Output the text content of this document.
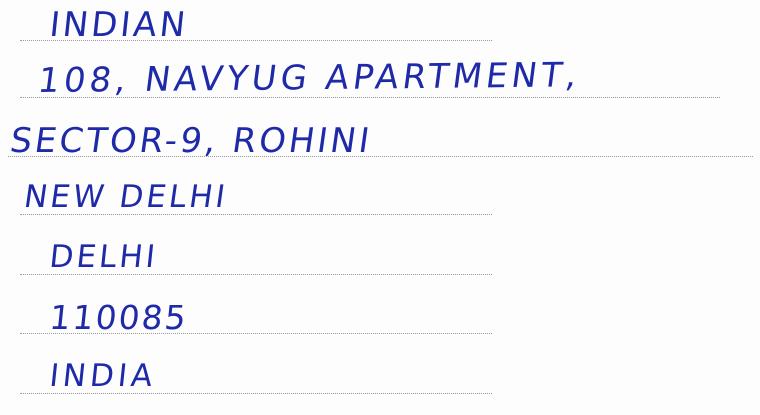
INDIAN

108, NAVYUG APARTMENT,

SECTOR-9, ROHINI

NEW DELHI

DELHI

110085

INDIA
